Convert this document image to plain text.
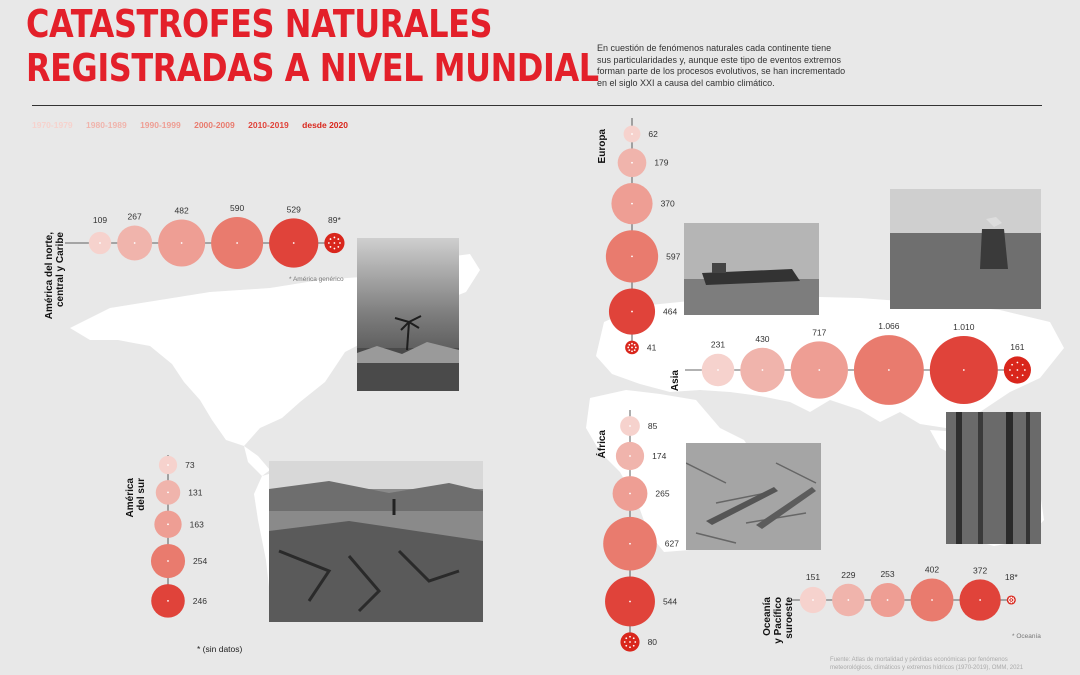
CATASTROFES NATURALES
REGISTRADAS A NIVEL MUNDIAL
En cuestión de fenómenos naturales cada continente tiene sus particularidades y, aunque este tipo de eventos extremos forman parte de los procesos evolutivos, se han incrementado en el siglo XXI a causa del cambio climático.
1970-1979 1980-1989 1990-1999 2000-2009 2010-2019 desde 2020
109 267
482	590	529
89*
América del norte,central y Caribe
73
131
163
254
246
Américadel sur
62
179
370
597
464
41
Europa
231
430
717
1.066	1.010
161
Asia
85
174
265
627
544
80
África
151 229	253	402	372
18*
Oceaníay Pacíficosuroeste
* América genérico
* Oceanía
* (sin datos)
Fuente: Atlas de mortalidad y pérdidas económicas por fenómenos meteorológicos, climáticos y extremos hídricos (1970-2019), OMM, 2021
